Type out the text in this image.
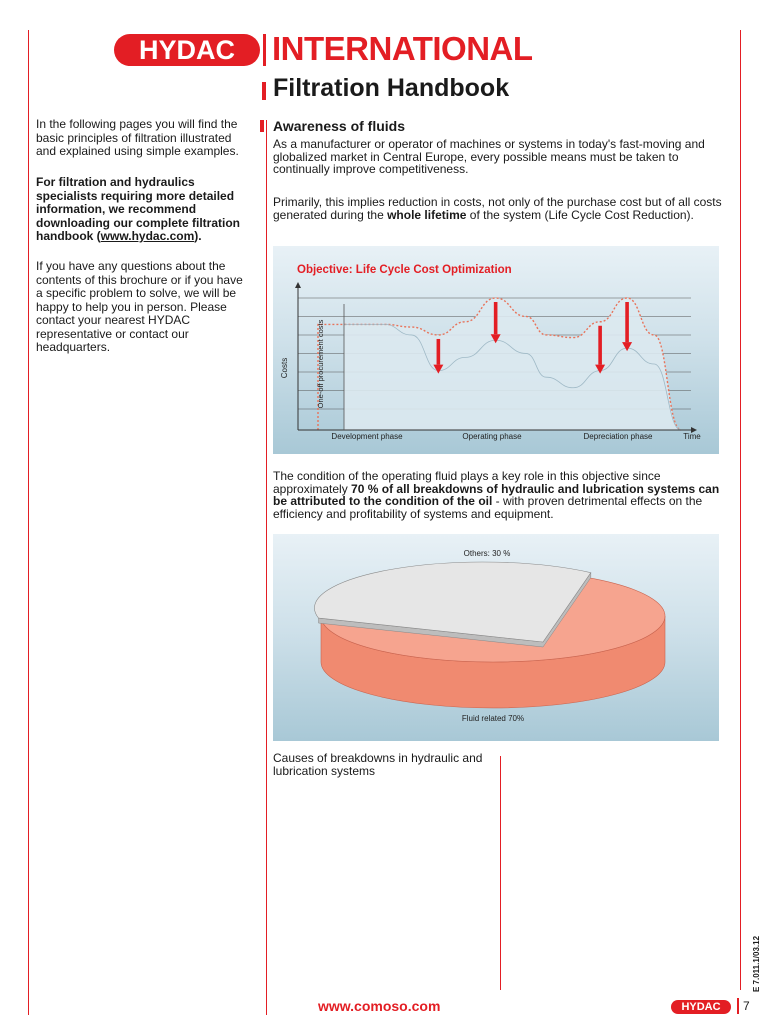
HYDAC	INTERNATIONAL
Filtration Handbook
In the following pages you will find the basic principles of filtration illustrated and explained using simple examples.
For filtration and hydraulics specialists requiring more detailed information, we recommend downloading our complete filtration handbook (www.hydac.com).
If you have any questions about the contents of this brochure or if you have a specific problem to solve, we will be happy to help you in person. Please contact your nearest HYDAC representative or contact our headquarters.
Awareness of fluids
As a manufacturer or operator of machines or systems in today's fast-moving and globalized market in Central Europe, every possible means must be taken to continually improve competitiveness.
Primarily, this implies reduction in costs, not only of the purchase cost but of all costs generated during the whole lifetime of the system (Life Cycle Cost Reduction).
Objective: Life Cycle Cost Optimization
Costs	One-off procurement costs
Development phase	Operating phase	Depreciation phase	Time
The condition of the operating fluid plays a key role in this objective since approximately 70 % of all breakdowns of hydraulic and lubrication systems can be attributed to the condition of the oil - with proven detrimental effects on the efficiency and profitability of systems and equipment.
Others: 30 %
Fluid related 70%
Causes of breakdowns in hydraulic and lubrication systems
www.comoso.com	HYDAC	7
E 7.011.1/03.12
